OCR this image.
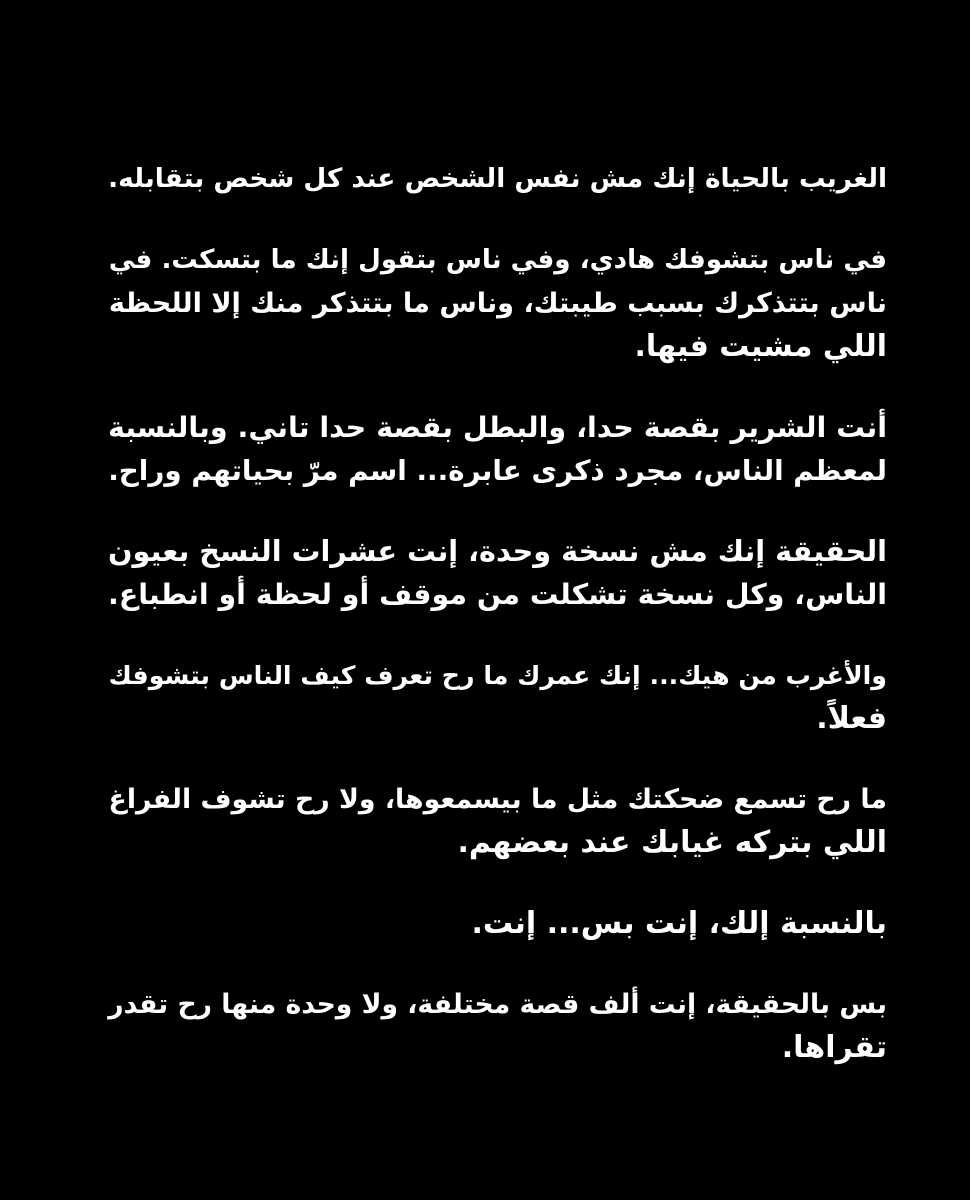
الغريب بالحياة إنك مش نفس الشخص عند كل شخص بتقابله.

في ناس بتشوفك هادي، وفي ناس بتقول إنك ما بتسكت. في
ناس بتتذكرك بسبب طيبتك، وناس ما بتتذكر منك إلا اللحظة
اللي مشيت فيها.

أنت الشرير بقصة حدا، والبطل بقصة حدا تاني. وبالنسبة
لمعظم الناس، مجرد ذكرى عابرة... اسم مرّ بحياتهم وراح.

الحقيقة إنك مش نسخة وحدة، إنت عشرات النسخ بعيون
الناس، وكل نسخة تشكلت من موقف أو لحظة أو انطباع.

والأغرب من هيك... إنك عمرك ما رح تعرف كيف الناس بتشوفك
فعلاً.

ما رح تسمع ضحكتك مثل ما بيسمعوها، ولا رح تشوف الفراغ
اللي بتركه غيابك عند بعضهم.

بالنسبة إلك، إنت بس... إنت.

بس بالحقيقة، إنت ألف قصة مختلفة، ولا وحدة منها رح تقدر
تقراها.
